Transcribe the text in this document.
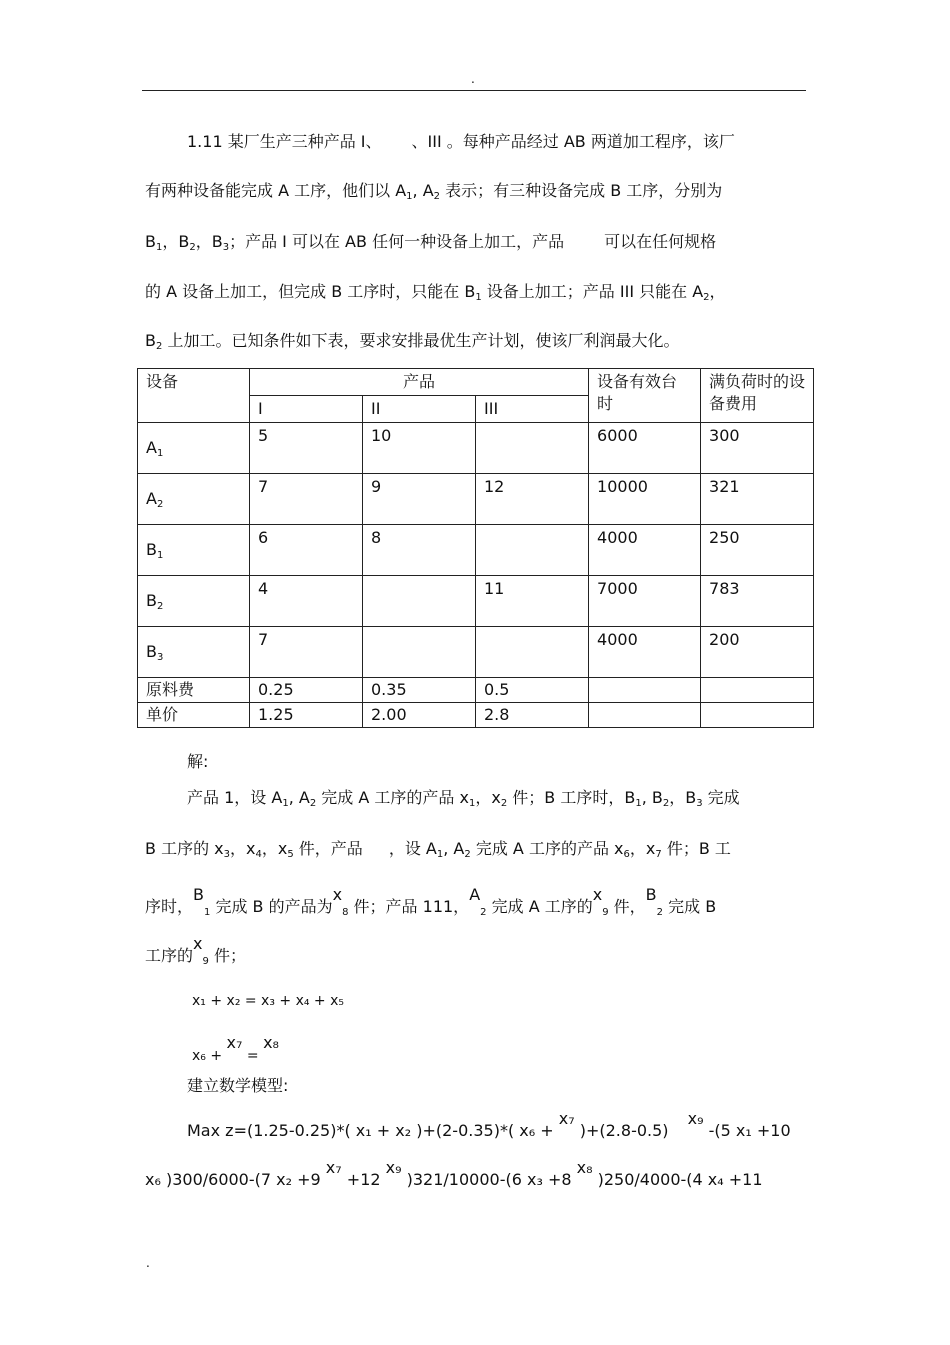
.
1.11 某厂生产三种产品 Ⅰ、 、III 。每种产品经过 AB 两道加工程序，该厂
有两种设备能完成 A 工序，他们以 $A_1$, $A_2$ 表示；有三种设备完成 B 工序，分别为
$B_1$，$B_2$，$B_3$；产品 Ⅰ 可以在 AB 任何一种设备上加工，产品	可以在任何规格
的 A 设备上加工，但完成 B 工序时，只能在 $B_1$ 设备上加工；产品 III 只能在 $A_2$，
$B_2$ 上加工。已知条件如下表，要求安排最优生产计划，使该厂利润最大化。
设备	产品			设备有效台时	满负荷时的设备费用
	I	II	III		
$A_1$	5	10		6000	300
$A_2$	7	9	12	10000	321
$B_1$	6	8		4000	250
$B_2$	4		11	7000	783
$B_3$	7			4000	200
原料费	0.25	0.35	0.5		
单价	1.25	2.00	2.8		
解:
产品 1，设 $A_1$, $A_2$ 完成 A 工序的产品 $x_1$，$x_2$ 件；B 工序时，$B_1$, $B_2$，$B_3$ 完成
B 工序的 $x_3$，$x_4$，$x_5$ 件，产品 ，设 $A_1$, $A_2$ 完成 A 工序的产品 $x_6$，$x_7$ 件；B 工
序时，$B_1$ 完成 B 的产品为$x_8$ 件；产品 111，$A_2$ 完成 A 工序的$x_9$ 件，$B_2$ 完成 B
工序的$x_9$ 件；
x₁ + x₂ = x₃ + x₄ + x₅
x₆ + x₇ = x₈
建立数学模型:
Max z=(1.25-0.25)*( x₁ + x₂ )+(2-0.35)*( x₆ + x₇ )+(2.8-0.5) x₉ -(5 x₁ +10
x₆ )300/6000-(7 x₂ +9 x₇ +12 x₉ )321/10000-(6 x₃ +8 x₈ )250/4000-(4 x₄ +11
.
